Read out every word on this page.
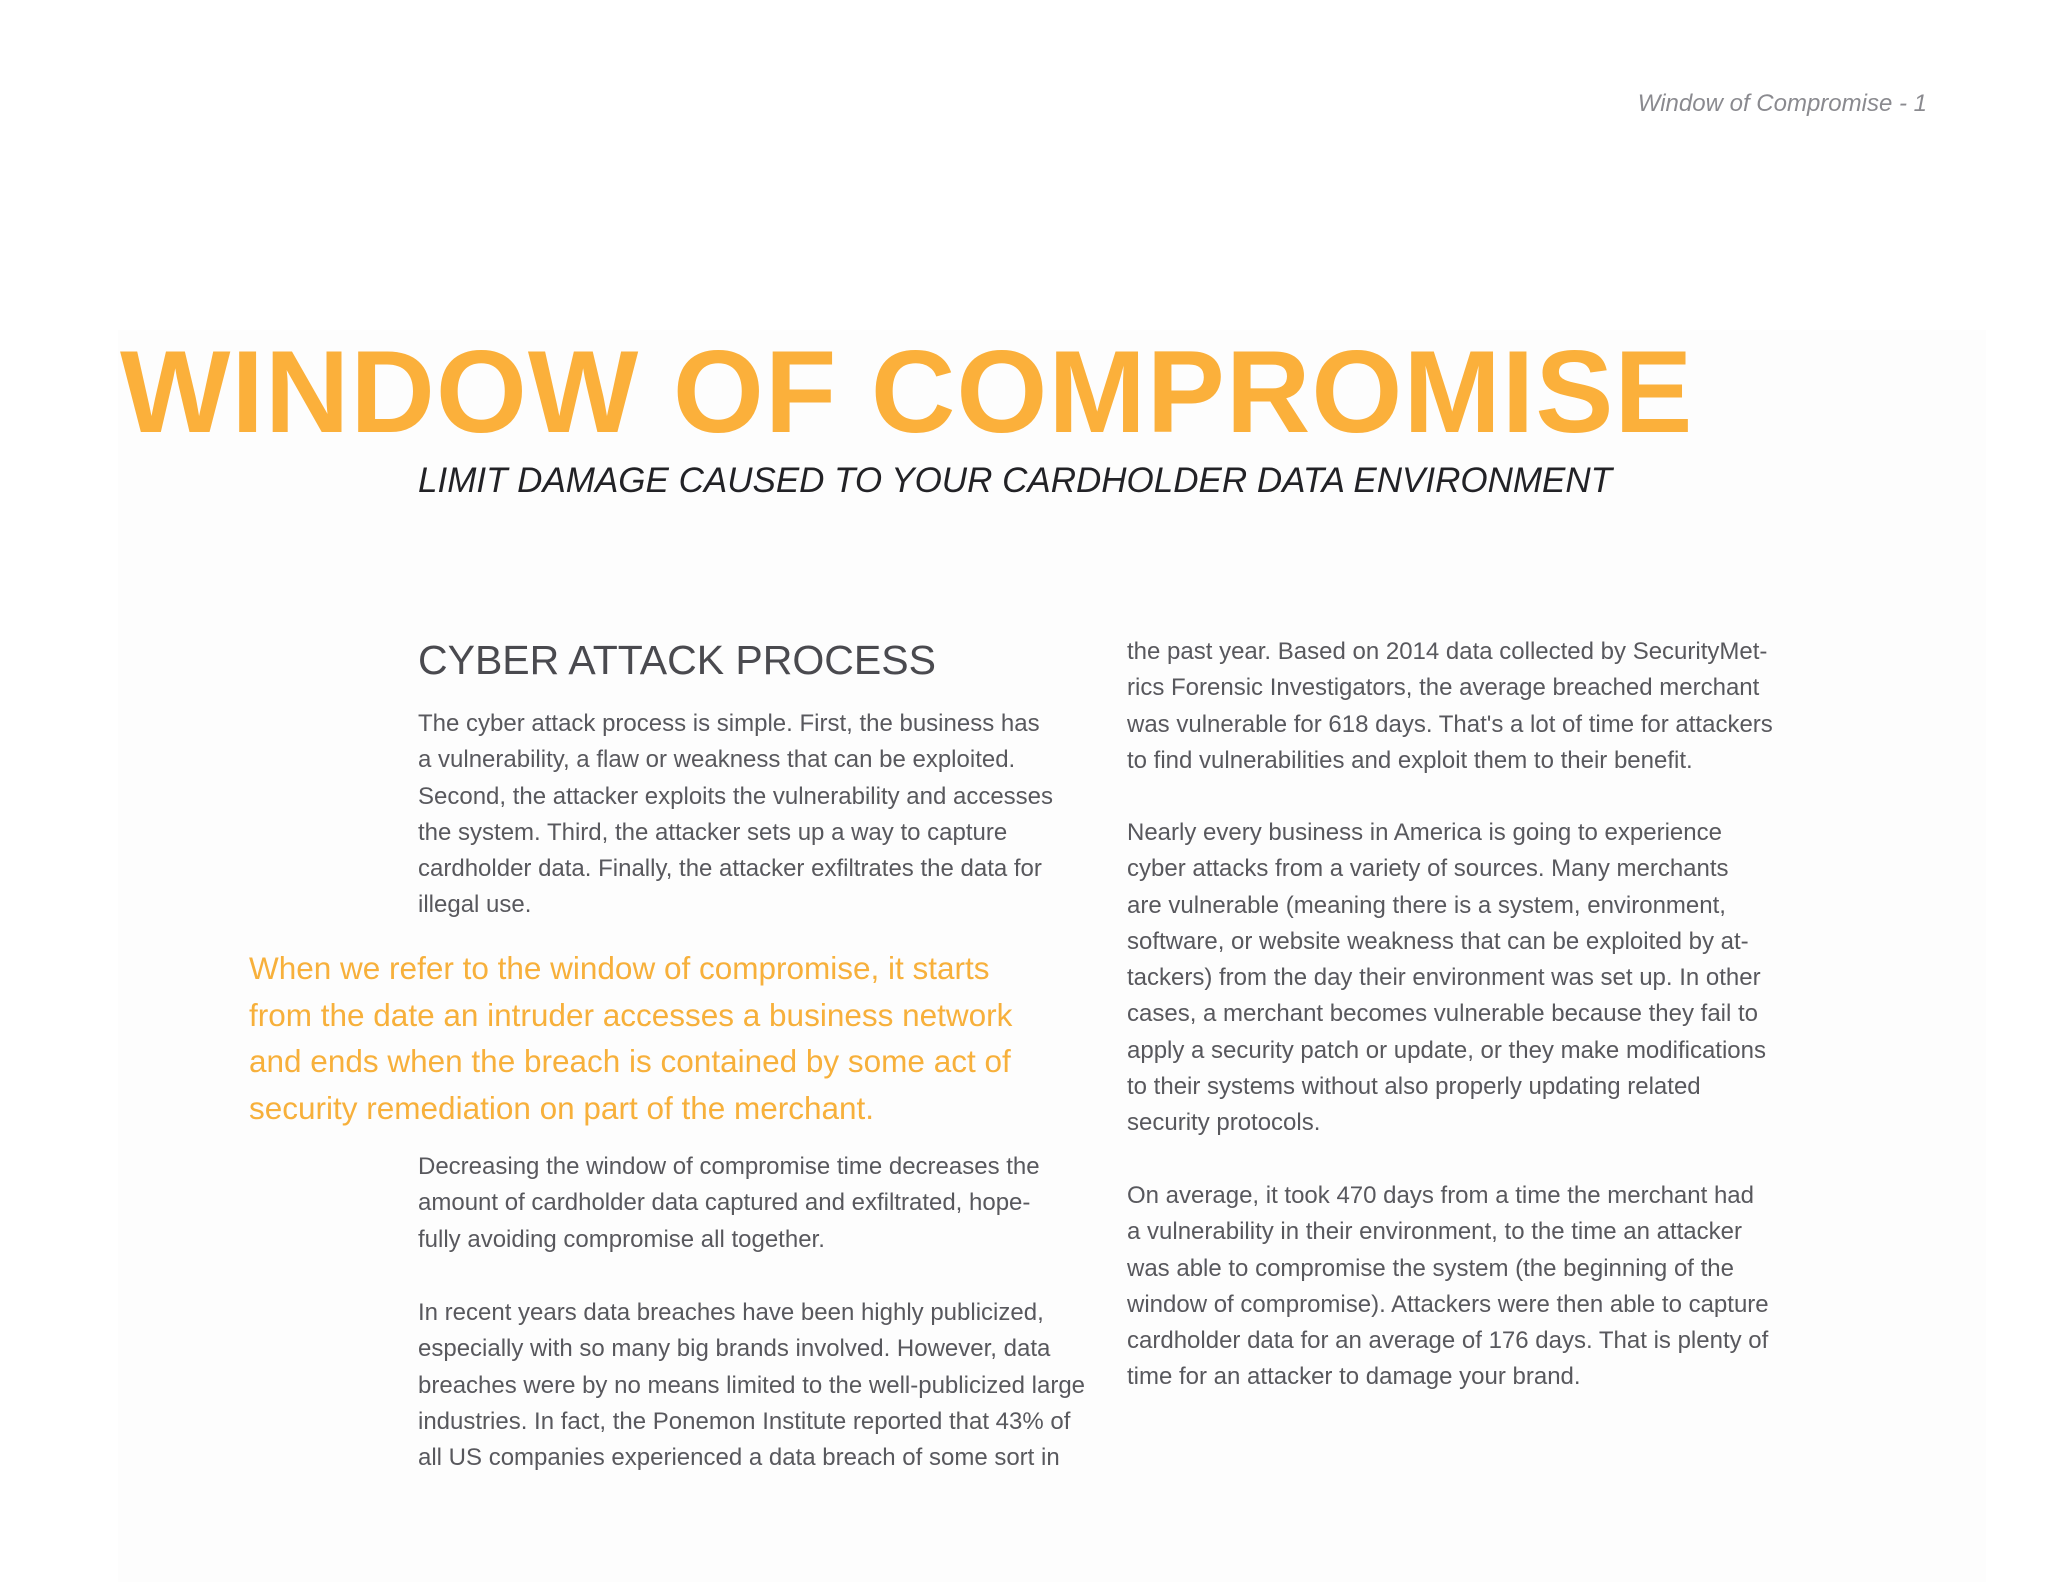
Window of Compromise - 1
WINDOW OF COMPROMISE
LIMIT DAMAGE CAUSED TO YOUR CARDHOLDER DATA ENVIRONMENT
CYBER ATTACK PROCESS

The cyber attack process is simple. First, the business has
a vulnerability, a flaw or weakness that can be exploited.
Second, the attacker exploits the vulnerability and accesses
the system. Third, the attacker sets up a way to capture
cardholder data. Finally, the attacker exfiltrates the data for
illegal use.

When we refer to the window of compromise, it starts
from the date an intruder accesses a business network
and ends when the breach is contained by some act of
security remediation on part of the merchant.

Decreasing the window of compromise time decreases the
amount of cardholder data captured and exfiltrated, hope-
fully avoiding compromise all together.

In recent years data breaches have been highly publicized,
especially with so many big brands involved. However, data
breaches were by no means limited to the well-publicized large
industries. In fact, the Ponemon Institute reported that 43% of
all US companies experienced a data breach of some sort in

the past year. Based on 2014 data collected by SecurityMet-
rics Forensic Investigators, the average breached merchant
was vulnerable for 618 days. That's a lot of time for attackers
to find vulnerabilities and exploit them to their benefit.

Nearly every business in America is going to experience
cyber attacks from a variety of sources. Many merchants
are vulnerable (meaning there is a system, environment,
software, or website weakness that can be exploited by at-
tackers) from the day their environment was set up. In other
cases, a merchant becomes vulnerable because they fail to
apply a security patch or update, or they make modifications
to their systems without also properly updating related
security protocols.

On average, it took 470 days from a time the merchant had
a vulnerability in their environment, to the time an attacker
was able to compromise the system (the beginning of the
window of compromise). Attackers were then able to capture
cardholder data for an average of 176 days. That is plenty of
time for an attacker to damage your brand.
